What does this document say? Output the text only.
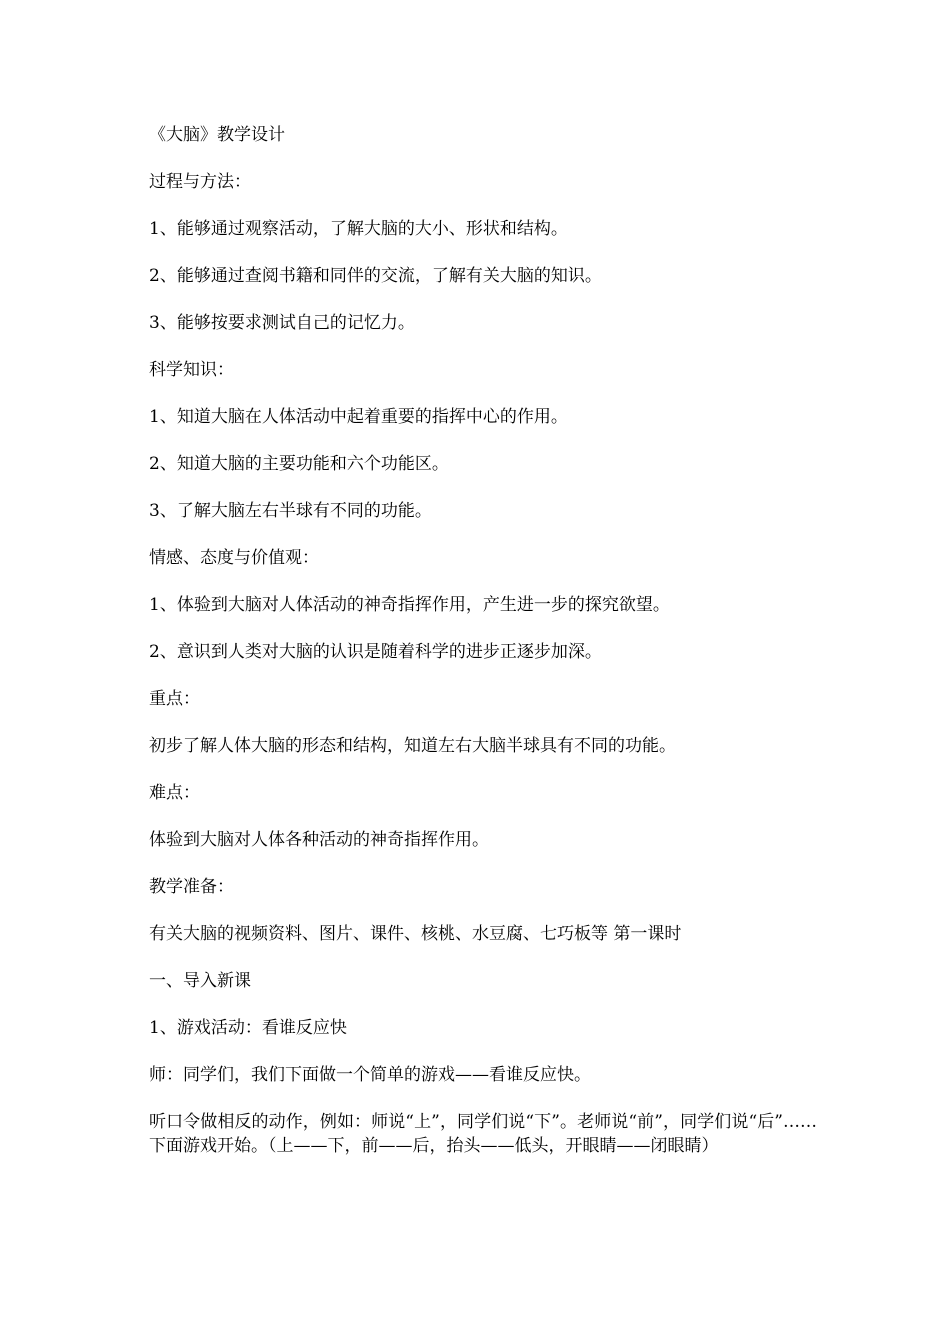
《大脑》教学设计

过程与方法：

1、能够通过观察活动，了解大脑的大小、形状和结构。

2、能够通过查阅书籍和同伴的交流，了解有关大脑的知识。

3、能够按要求测试自己的记忆力。

科学知识：

1、知道大脑在人体活动中起着重要的指挥中心的作用。

2、知道大脑的主要功能和六个功能区。

3、了解大脑左右半球有不同的功能。

情感、态度与价值观：

1、体验到大脑对人体活动的神奇指挥作用，产生进一步的探究欲望。

2、意识到人类对大脑的认识是随着科学的进步正逐步加深。

重点：

初步了解人体大脑的形态和结构，知道左右大脑半球具有不同的功能。

难点：

体验到大脑对人体各种活动的神奇指挥作用。

教学准备：

有关大脑的视频资料、图片、课件、核桃、水豆腐、七巧板等 第一课时

一、导入新课

1、游戏活动：看谁反应快

师：同学们，我们下面做一个简单的游戏——看谁反应快。

听口令做相反的动作，例如：师说“上”，同学们说“下”。老师说“前”，同学们说“后”……下面游戏开始。（上——下，前——后，抬头——低头，开眼睛——闭眼睛）
